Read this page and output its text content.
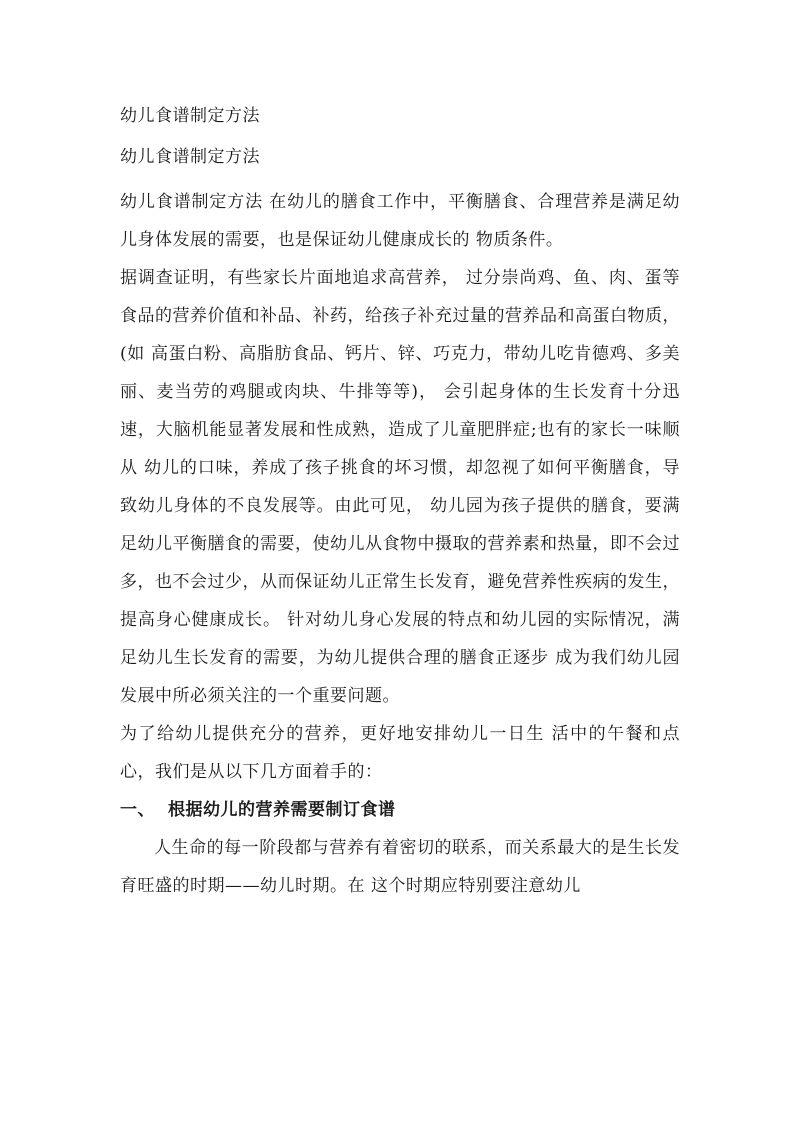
幼儿食谱制定方法

幼儿食谱制定方法

幼儿食谱制定方法 在幼儿的膳食工作中，平衡膳食、合理营养是满足幼儿身体发展的需要，也是保证幼儿健康成长的 物质条件。

据调查证明，有些家长片面地追求高营养， 过分崇尚鸡、鱼、肉、蛋等食品的营养价值和补品、补药，给孩子补充过量的营养品和高蛋白物质，(如 高蛋白粉、高脂肪食品、钙片、锌、巧克力，带幼儿吃肯德鸡、多美丽、麦当劳的鸡腿或肉块、牛排等等)， 会引起身体的生长发育十分迅速，大脑机能显著发展和性成熟，造成了儿童肥胖症;也有的家长一味顺从 幼儿的口味，养成了孩子挑食的坏习惯，却忽视了如何平衡膳食，导致幼儿身体的不良发展等。由此可见， 幼儿园为孩子提供的膳食，要满足幼儿平衡膳食的需要，使幼儿从食物中摄取的营养素和热量，即不会过多，也不会过少，从而保证幼儿正常生长发育，避免营养性疾病的发生，提高身心健康成长。 针对幼儿身心发展的特点和幼儿园的实际情况，满足幼儿生长发育的需要，为幼儿提供合理的膳食正逐步 成为我们幼儿园发展中所必须关注的一个重要问题。

为了给幼儿提供充分的营养，更好地安排幼儿一日生 活中的午餐和点心，我们是从以下几方面着手的：

一、 根据幼儿的营养需要制订食谱

人生命的每一阶段都与营养有着密切的联系，而关系最大的是生长发育旺盛的时期——幼儿时期。在 这个时期应特别要注意幼儿
